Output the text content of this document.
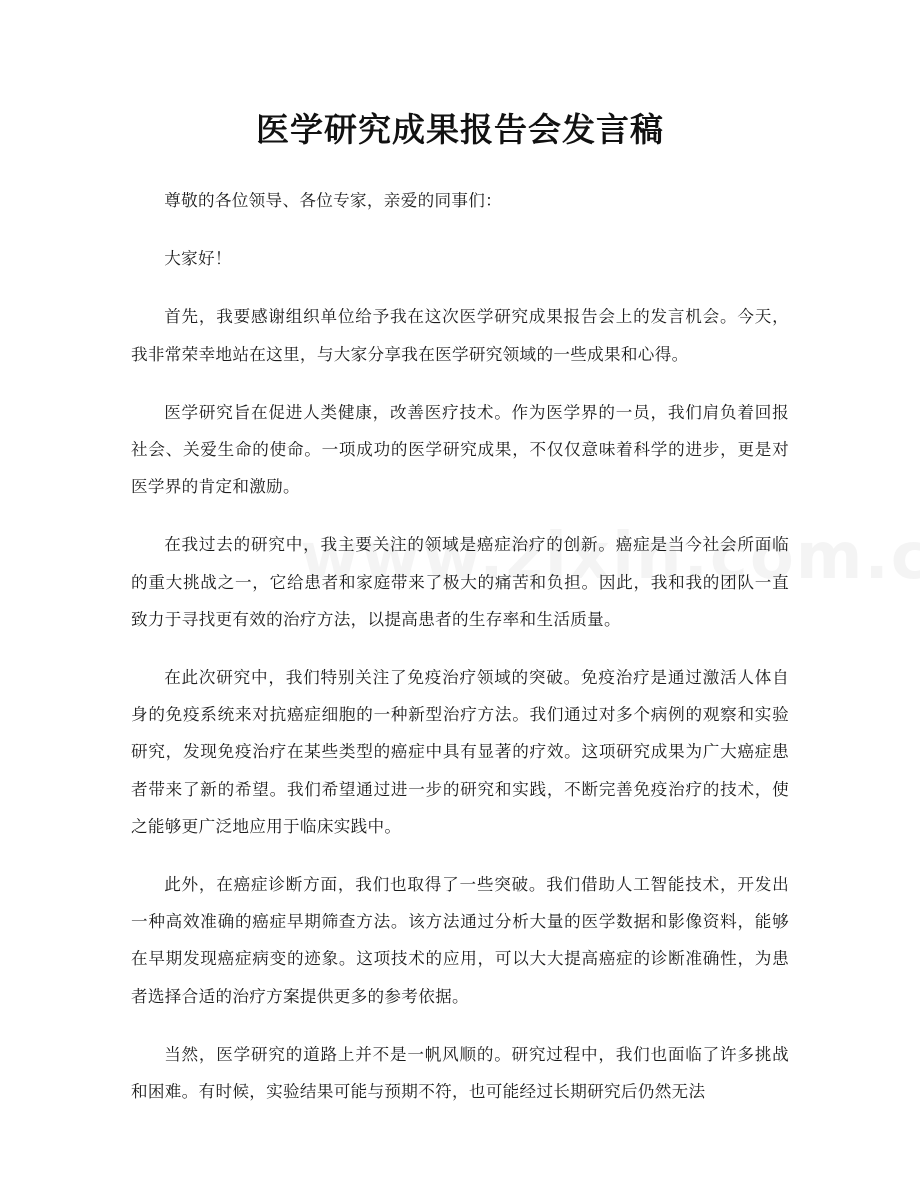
医学研究成果报告会发言稿

尊敬的各位领导、各位专家，亲爱的同事们：

大家好！

首先，我要感谢组织单位给予我在这次医学研究成果报告会上的发言机会。今天，我非常荣幸地站在这里，与大家分享我在医学研究领域的一些成果和心得。

医学研究旨在促进人类健康，改善医疗技术。作为医学界的一员，我们肩负着回报社会、关爱生命的使命。一项成功的医学研究成果，不仅仅意味着科学的进步，更是对医学界的肯定和激励。

在我过去的研究中，我主要关注的领域是癌症治疗的创新。癌症是当今社会所面临的重大挑战之一，它给患者和家庭带来了极大的痛苦和负担。因此，我和我的团队一直致力于寻找更有效的治疗方法，以提高患者的生存率和生活质量。

在此次研究中，我们特别关注了免疫治疗领域的突破。免疫治疗是通过激活人体自身的免疫系统来对抗癌症细胞的一种新型治疗方法。我们通过对多个病例的观察和实验研究，发现免疫治疗在某些类型的癌症中具有显著的疗效。这项研究成果为广大癌症患者带来了新的希望。我们希望通过进一步的研究和实践，不断完善免疫治疗的技术，使之能够更广泛地应用于临床实践中。

此外，在癌症诊断方面，我们也取得了一些突破。我们借助人工智能技术，开发出一种高效准确的癌症早期筛查方法。该方法通过分析大量的医学数据和影像资料，能够在早期发现癌症病变的迹象。这项技术的应用，可以大大提高癌症的诊断准确性，为患者选择合适的治疗方案提供更多的参考依据。

当然，医学研究的道路上并不是一帆风顺的。研究过程中，我们也面临了许多挑战和困难。有时候，实验结果可能与预期不符，也可能经过长期研究后仍然无法
